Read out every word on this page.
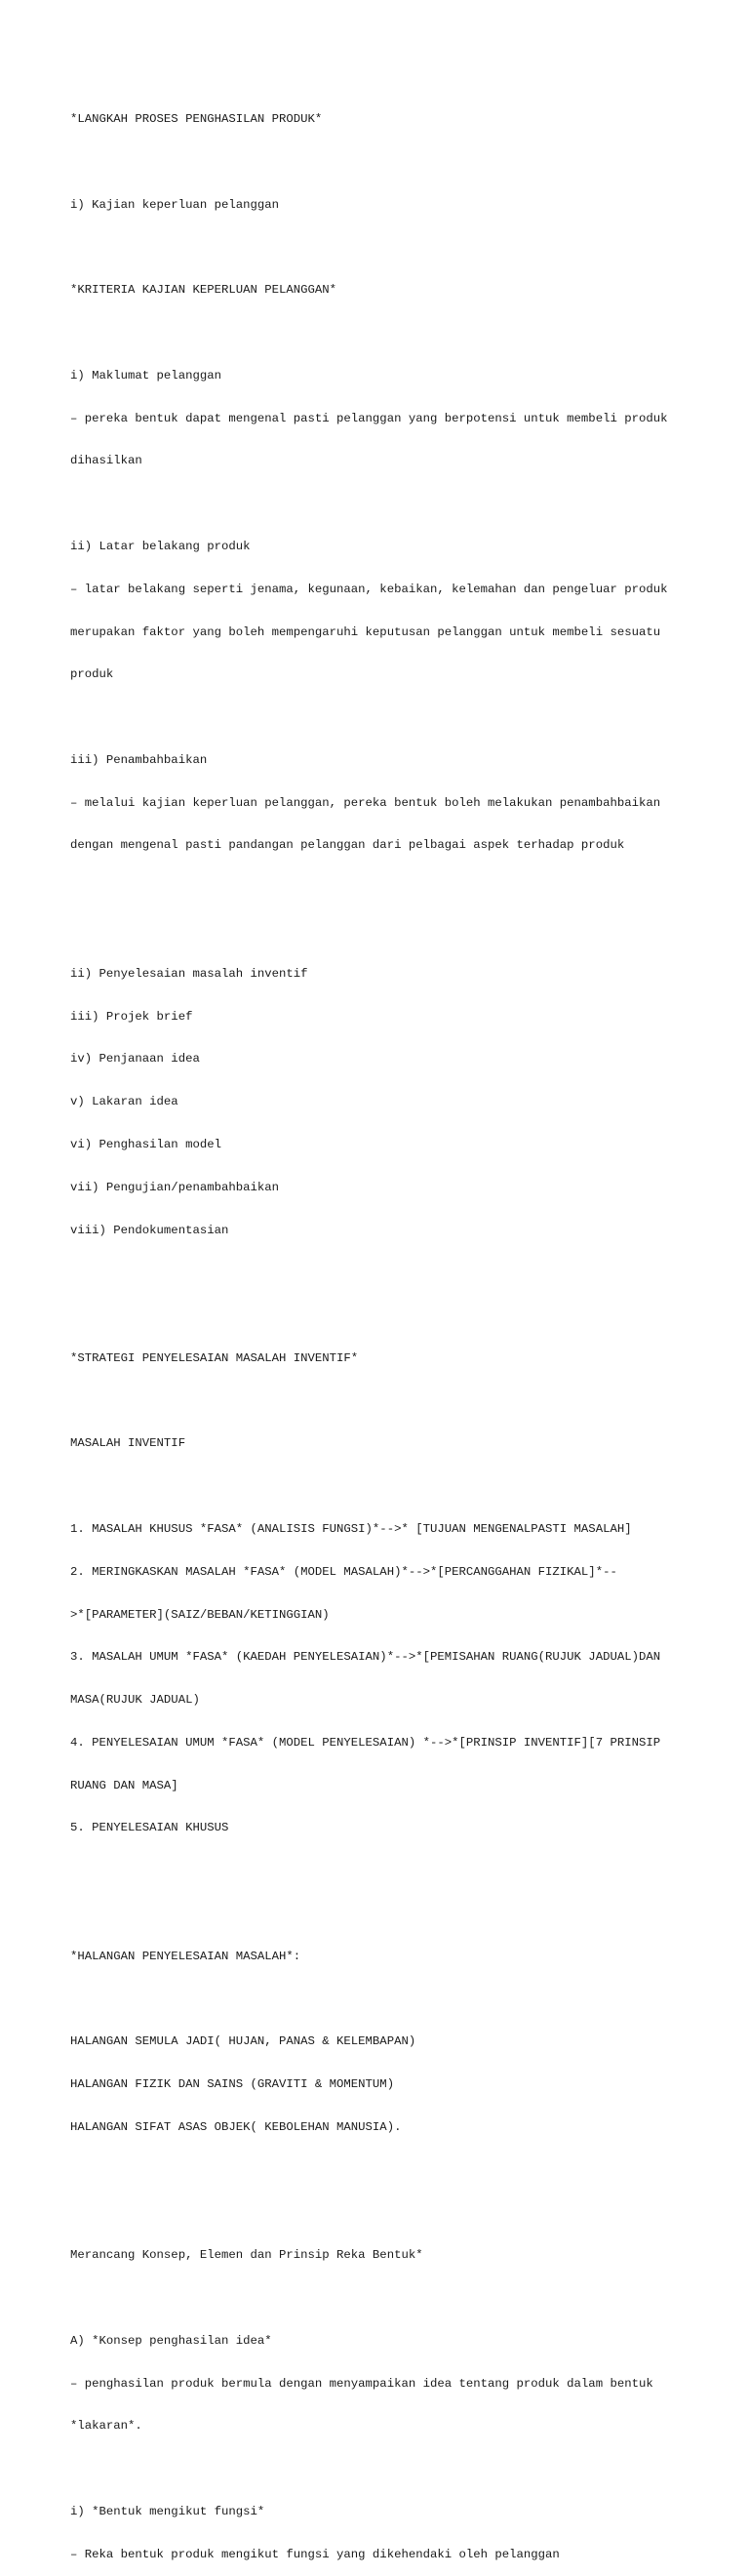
*LANGKAH PROSES PENGHASILAN PRODUK*

i) Kajian keperluan pelanggan

*KRITERIA KAJIAN KEPERLUAN PELANGGAN*

i) Maklumat pelanggan

– pereka bentuk dapat mengenal pasti pelanggan yang berpotensi untuk membeli produk

dihasilkan

ii) Latar belakang produk

– latar belakang seperti jenama, kegunaan, kebaikan, kelemahan dan pengeluar produk

merupakan faktor yang boleh mempengaruhi keputusan pelanggan untuk membeli sesuatu

produk

iii) Penambahbaikan

– melalui kajian keperluan pelanggan, pereka bentuk boleh melakukan penambahbaikan

dengan mengenal pasti pandangan pelanggan dari pelbagai aspek terhadap produk

ii) Penyelesaian masalah inventif

iii) Projek brief

iv) Penjanaan idea

v) Lakaran idea

vi) Penghasilan model

vii) Pengujian/penambahbaikan

viii) Pendokumentasian

*STRATEGI PENYELESAIAN MASALAH INVENTIF*

MASALAH INVENTIF

1. MASALAH KHUSUS *FASA* (ANALISIS FUNGSI)*-->* [TUJUAN MENGENALPASTI MASALAH]

2. MERINGKASKAN MASALAH *FASA* (MODEL MASALAH)*-->*[PERCANGGAHAN FIZIKAL]*--

>*[PARAMETER](SAIZ/BEBAN/KETINGGIAN)

3. MASALAH UMUM *FASA* (KAEDAH PENYELESAIAN)*-->*[PEMISAHAN RUANG(RUJUK JADUAL)DAN

MASA(RUJUK JADUAL)

4. PENYELESAIAN UMUM *FASA* (MODEL PENYELESAIAN) *-->*[PRINSIP INVENTIF][7 PRINSIP

RUANG DAN MASA]

5. PENYELESAIAN KHUSUS

*HALANGAN PENYELESAIAN MASALAH*:

HALANGAN SEMULA JADI( HUJAN, PANAS & KELEMBAPAN)

HALANGAN FIZIK DAN SAINS (GRAVITI & MOMENTUM)

HALANGAN SIFAT ASAS OBJEK( KEBOLEHAN MANUSIA).

Merancang Konsep, Elemen dan Prinsip Reka Bentuk*

A) *Konsep penghasilan idea*

– penghasilan produk bermula dengan menyampaikan idea tentang produk dalam bentuk

*lakaran*.

i) *Bentuk mengikut fungsi*

– Reka bentuk produk mengikut fungsi yang dikehendaki oleh pelanggan
